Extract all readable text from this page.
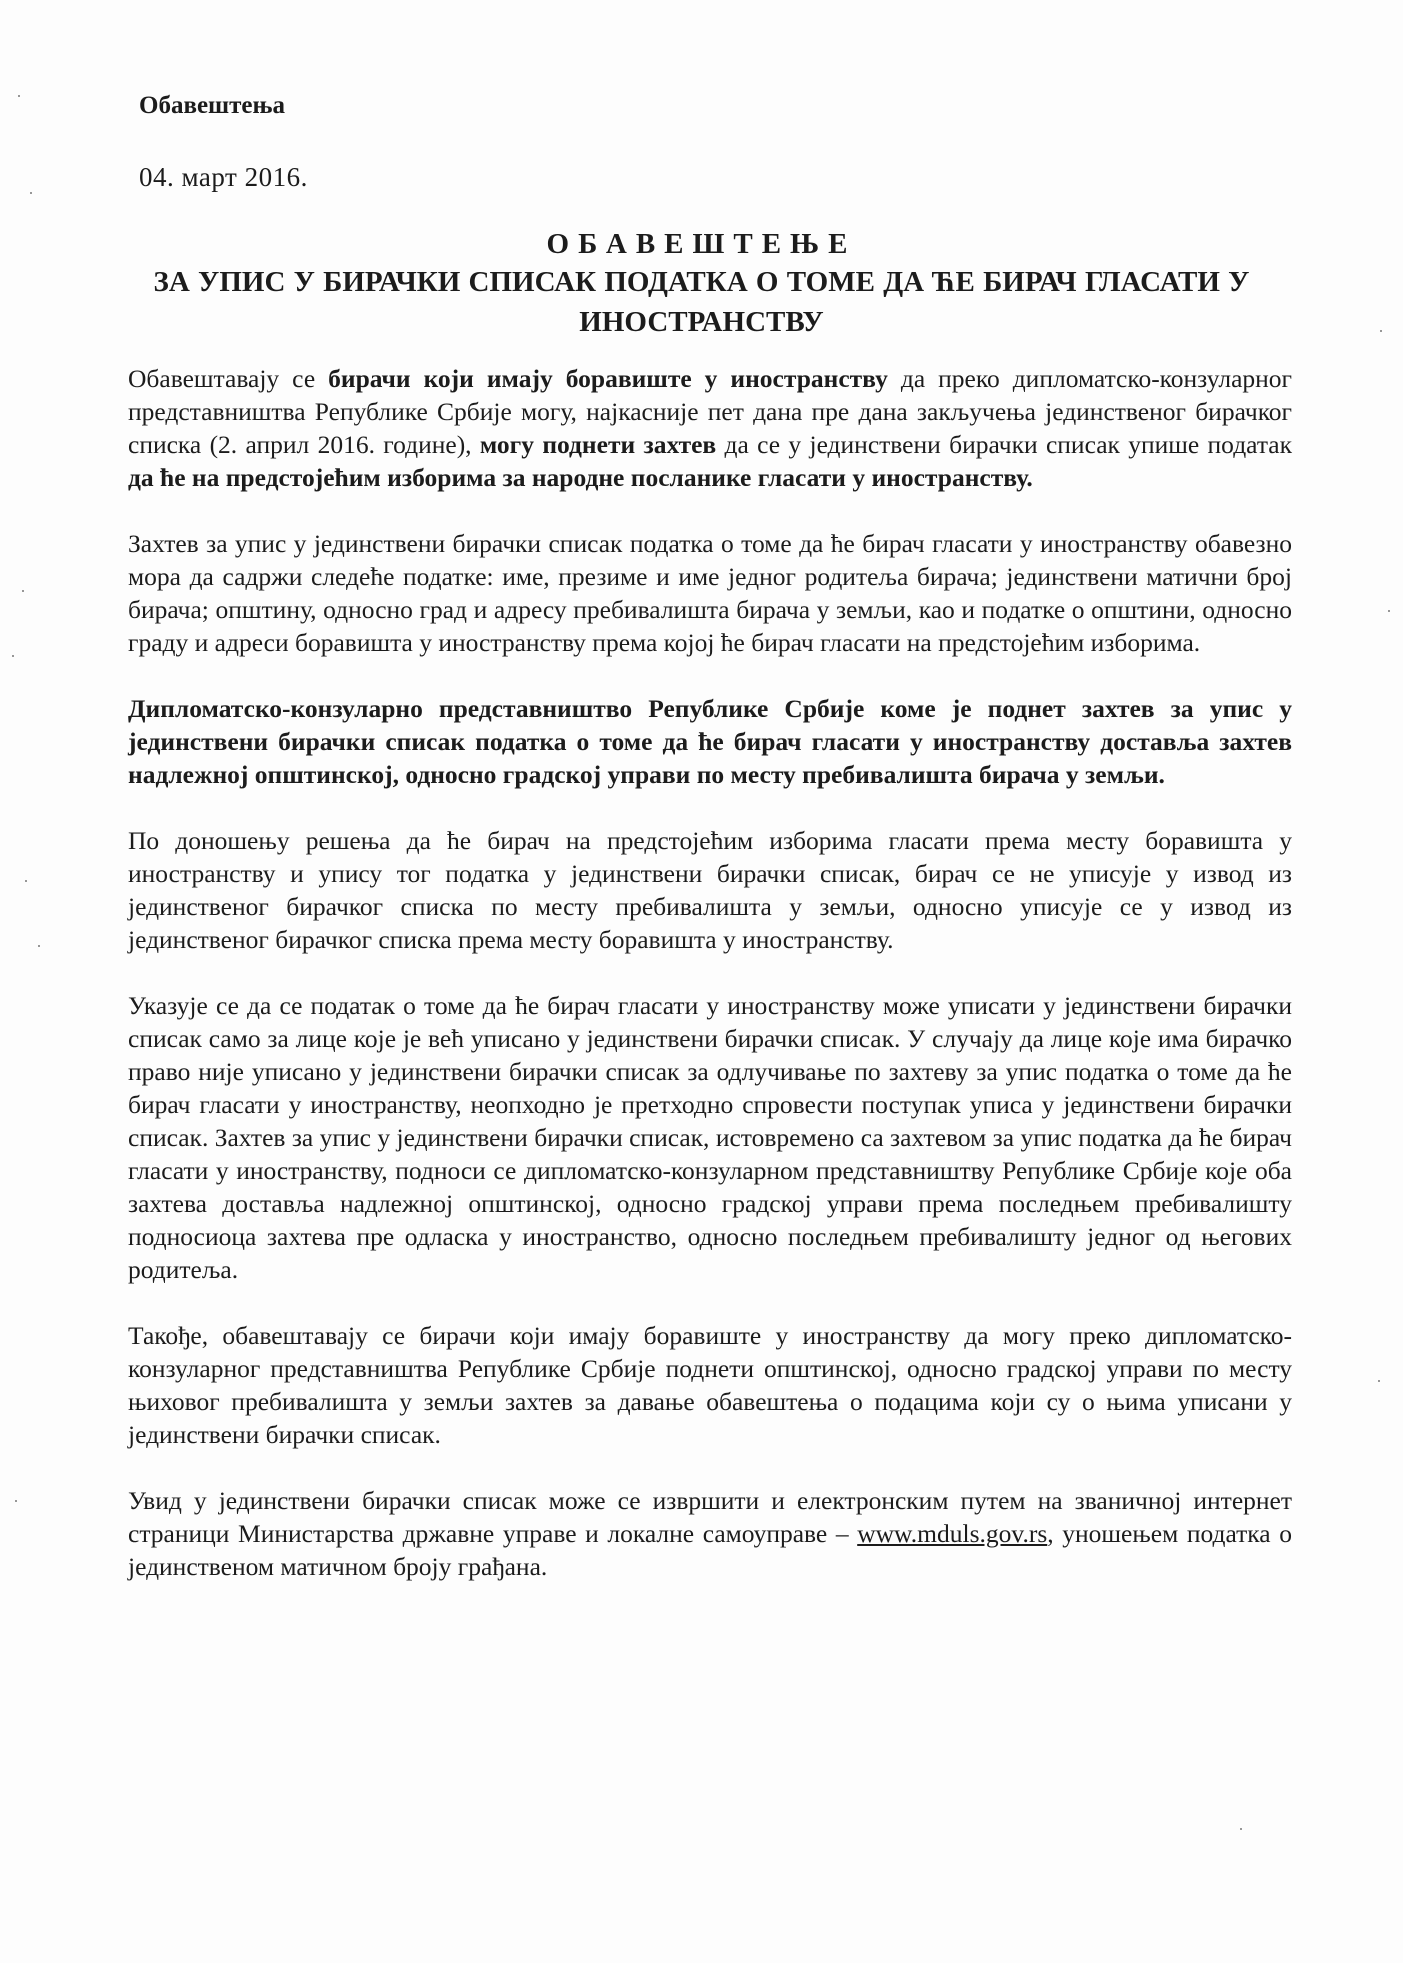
Обавештења

04. март 2016.

ОБАВЕШТЕЊЕ
ЗА УПИС У БИРАЧКИ СПИСАК ПОДАТКА О ТОМЕ ДА ЋЕ БИРАЧ ГЛАСАТИ У
ИНОСТРАНСТВУ

Обавештавају се бирачи који имају боравиште у иностранству да преко дипломатско-конзуларног представништва Републике Србије могу, најкасније пет дана пре дана закључења јединственог бирачког списка (2. април 2016. године), могу поднети захтев да се у јединствени бирачки списак упише податак да ће на предстојећим изборима за народне посланике гласати у иностранству.

Захтев за упис у јединствени бирачки списак податка о томе да ће бирач гласати у иностранству обавезно мора да садржи следеће податке: име, презиме и име једног родитеља бирача; јединствени матични број бирача; општину, односно град и адресу пребивалишта бирача у земљи, као и податке о општини, односно граду и адреси боравишта у иностранству према којој ће бирач гласати на предстојећим изборима.

Дипломатско-конзуларно представништво Републике Србије коме је поднет захтев за упис у јединствени бирачки списак податка о томе да ће бирач гласати у иностранству доставља захтев надлежној општинској, односно градској управи по месту пребивалишта бирача у земљи.

По доношењу решења да ће бирач на предстојећим изборима гласати према месту боравишта у иностранству и упису тог податка у јединствени бирачки списак, бирач се не уписује у извод из јединственог бирачког списка по месту пребивалишта у земљи, односно уписује се у извод из јединственог бирачког списка према месту боравишта у иностранству.

Указује се да се податак о томе да ће бирач гласати у иностранству може уписати у јединствени бирачки списак само за лице које је већ уписано у јединствени бирачки списак. У случају да лице које има бирачко право није уписано у јединствени бирачки списак за одлучивање по захтеву за упис податка о томе да ће бирач гласати у иностранству, неопходно је претходно спровести поступак уписа у јединствени бирачки списак. Захтев за упис у јединствени бирачки списак, истовремено са захтевом за упис податка да ће бирач гласати у иностранству, подноси се дипломатско-конзуларном представништву Републике Србије које оба захтева доставља надлежној општинској, односно градској управи према последњем пребивалишту подносиоца захтева пре одласка у иностранство, односно последњем пребивалишту једног од његових родитеља.

Такође, обавештавају се бирачи који имају боравиште у иностранству да могу преко дипломатско-конзуларног представништва Републике Србије поднети општинској, односно градској управи по месту њиховог пребивалишта у земљи захтев за давање обавештења о подацима који су о њима уписани у јединствени бирачки списак.

Увид у јединствени бирачки списак може се извршити и електронским путем на званичној интернет страници Министарства државне управе и локалне самоуправе – www.mduls.gov.rs, уношењем податка о јединственом матичном броју грађана.
